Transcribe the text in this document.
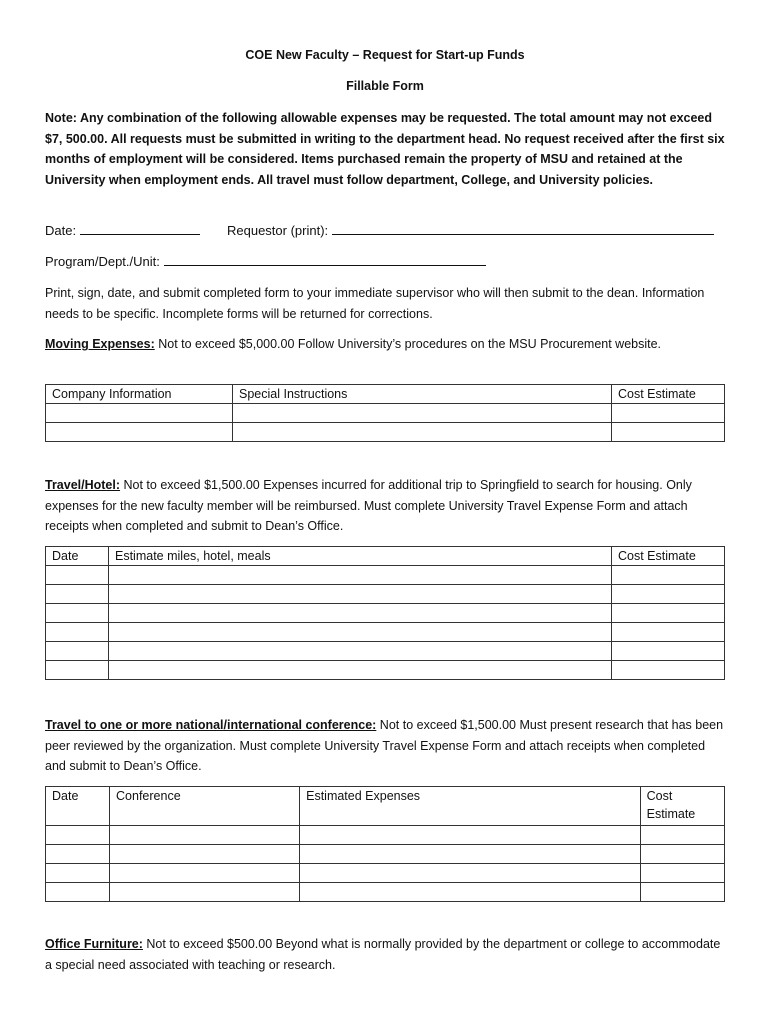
COE New Faculty – Request for Start-up Funds
Fillable Form
Note: Any combination of the following allowable expenses may be requested. The total amount may not exceed $7, 500.00. All requests must be submitted in writing to the department head. No request received after the first six months of employment will be considered. Items purchased remain the property of MSU and retained at the University when employment ends. All travel must follow department, College, and University policies.
Date:	Requestor (print):
Program/Dept./Unit:
Print, sign, date, and submit completed form to your immediate supervisor who will then submit to the dean. Information needs to be specific. Incomplete forms will be returned for corrections.
Moving Expenses: Not to exceed $5,000.00 Follow University’s procedures on the MSU Procurement website.
Company Information	Special Instructions	Cost Estimate

Travel/Hotel: Not to exceed $1,500.00 Expenses incurred for additional trip to Springfield to search for housing. Only expenses for the new faculty member will be reimbursed. Must complete University Travel Expense Form and attach receipts when completed and submit to Dean’s Office.
Date	Estimate miles, hotel, meals	Cost Estimate

Travel to one or more national/international conference: Not to exceed $1,500.00 Must present research that has been peer reviewed by the organization. Must complete University Travel Expense Form and attach receipts when completed and submit to Dean’s Office.
Date	Conference	Estimated Expenses	Cost Estimate

Office Furniture: Not to exceed $500.00 Beyond what is normally provided by the department or college to accommodate a special need associated with teaching or research.
